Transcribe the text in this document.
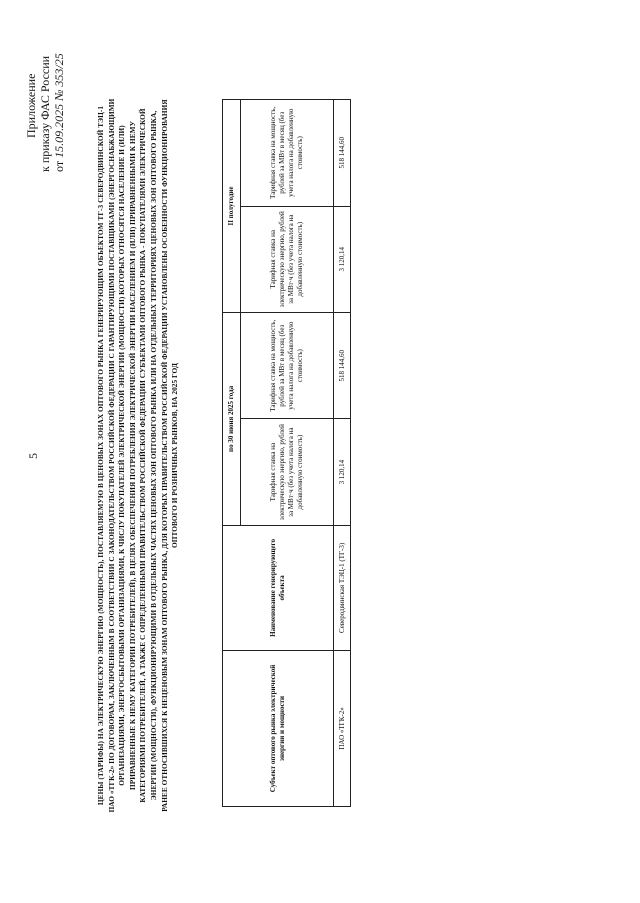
5
Приложение к приказу ФАС России от 15.09.2025 № 353/25
ЦЕНЫ (ТАРИФЫ) НА ЭЛЕКТРИЧЕСКУЮ ЭНЕРГИЮ (МОЩНОСТЬ), ПОСТАВЛЯЕМУЮ В ЦЕНОВЫХ ЗОНАХ ОПТОВОГО РЫНКА ГЕНЕРИРУЮЩИМ ОБЪЕКТОМ ТГ-3 СЕВЕРОДВИНСКОЙ ТЭЦ-1 ПАО «ТГК-2» ПО ДОГОВОРАМ, ЗАКЛЮЧЕННЫМ В СООТВЕТСТВИИ С ЗАКОНОДАТЕЛЬСТВОМ РОССИЙСКОЙ ФЕДЕРАЦИИ С ГАРАНТИРУЮЩИМИ ПОСТАВЩИКАМИ (ЭНЕРГОСНАБЖАЮЩИМИ ОРГАНИЗАЦИЯМИ, ЭНЕРГОСБЫТОВЫМИ ОРГАНИЗАЦИЯМИ, К ЧИСЛУ ПОКУПАТЕЛЕЙ ЭЛЕКТРИЧЕСКОЙ ЭНЕРГИИ (МОЩНОСТИ) КОТОРЫХ ОТНОСЯТСЯ НАСЕЛЕНИЕ И (ИЛИ) ПРИРАВНЕННЫЕ К НЕМУ КАТЕГОРИИ ПОТРЕБИТЕЛЕЙ), В ЦЕЛЯХ ОБЕСПЕЧЕНИЯ ПОТРЕБЛЕНИЯ ЭЛЕКТРИЧЕСКОЙ ЭНЕРГИИ НАСЕЛЕНИЕМ И (ИЛИ) ПРИРАВНЕННЫМИ К НЕМУ КАТЕГОРИЯМИ ПОТРЕБИТЕЛЕЙ, А ТАКЖЕ С ОПРЕДЕЛЕННЫМИ ПРАВИТЕЛЬСТВОМ РОССИЙСКОЙ ФЕДЕРАЦИИ СУБЪЕКТАМИ ОПТОВОГО РЫНКА - ПОКУПАТЕЛЯМИ ЭЛЕКТРИЧЕСКОЙ ЭНЕРГИИ (МОЩНОСТИ), ФУНКЦИОНИРУЮЩИМИ В ОТДЕЛЬНЫХ ЧАСТЯХ ЦЕНОВЫХ ЗОН ОПТОВОГО РЫНКА ИЛИ НА ОТДЕЛЬНЫХ ТЕРРИТОРИЯХ ЦЕНОВЫХ ЗОН ОПТОВОГО РЫНКА, РАНЕЕ ОТНОСИВШИХСЯ К НЕЦЕНОВЫМ ЗОНАМ ОПТОВОГО РЫНКА, ДЛЯ КОТОРЫХ ПРАВИТЕЛЬСТВОМ РОССИЙСКОЙ ФЕДЕРАЦИИ УСТАНОВЛЕНЫ ОСОБЕННОСТИ ФУНКЦИОНИРОВАНИЯ ОПТОВОГО И РОЗНИЧНЫХ РЫНКОВ, НА 2025 ГОД
Субъект оптового рынка электрической энергии и мощности	Наименование генерирующего объекта	по 30 июня 2025 года		II полугодие	
		Тарифная ставка на электрическую энергию, рублей за МВт·ч (без учета налога на добавленную стоимость)	Тарифная ставка на мощность, рублей за МВт в месяц (без учета налога на добавленную стоимость)	Тарифная ставка на электрическую энергию, рублей за МВт·ч (без учета налога на добавленную стоимость)	Тарифная ставка на мощность, рублей за МВт в месяц (без учета налога на добавленную стоимость)
ПАО «ТГК-2»	Северодвинская ТЭЦ-1 (ТГ-3)	3 120,14	518 144,60	3 120,14	518 144,60
